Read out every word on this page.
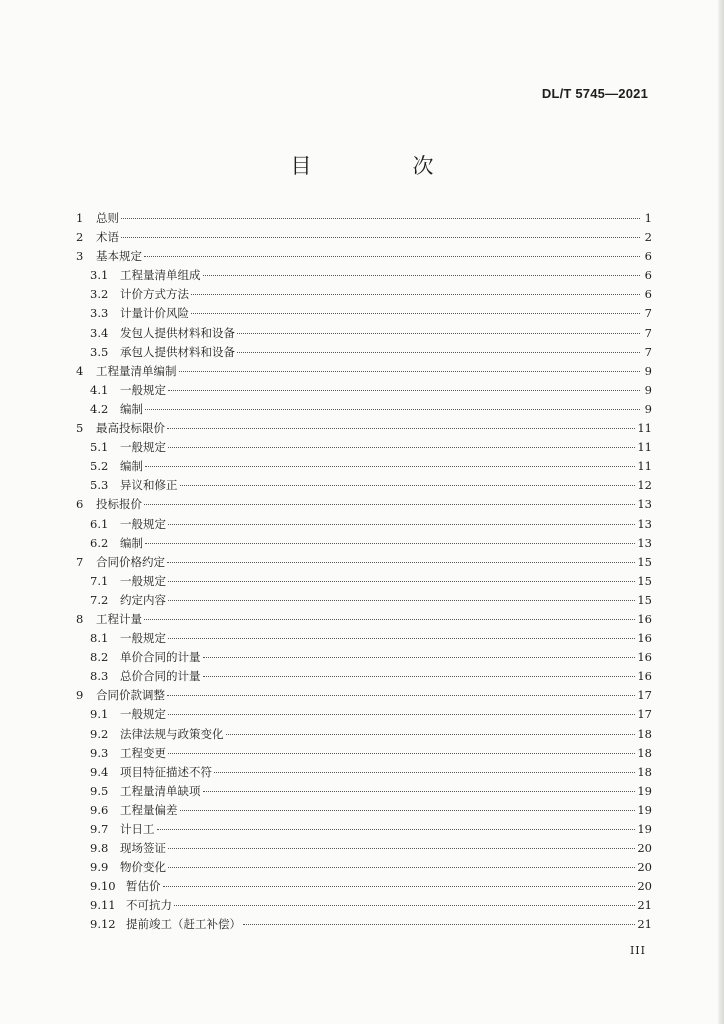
DL/T 5745—2021
目　次
1	总则	1
2	术语	2
3	基本规定	6
3.1	工程量清单组成	6
3.2	计价方式方法	6
3.3	计量计价风险	7
3.4	发包人提供材料和设备	7
3.5	承包人提供材料和设备	7
4	工程量清单编制	9
4.1	一般规定	9
4.2	编制	9
5	最高投标限价	11
5.1	一般规定	11
5.2	编制	11
5.3	异议和修正	12
6	投标报价	13
6.1	一般规定	13
6.2	编制	13
7	合同价格约定	15
7.1	一般规定	15
7.2	约定内容	15
8	工程计量	16
8.1	一般规定	16
8.2	单价合同的计量	16
8.3	总价合同的计量	16
9	合同价款调整	17
9.1	一般规定	17
9.2	法律法规与政策变化	18
9.3	工程变更	18
9.4	项目特征描述不符	18
9.5	工程量清单缺项	19
9.6	工程量偏差	19
9.7	计日工	19
9.8	现场签证	20
9.9	物价变化	20
9.10 暂估价	20
9.11 不可抗力	21
9.12 提前竣工（赶工补偿）	21
III
